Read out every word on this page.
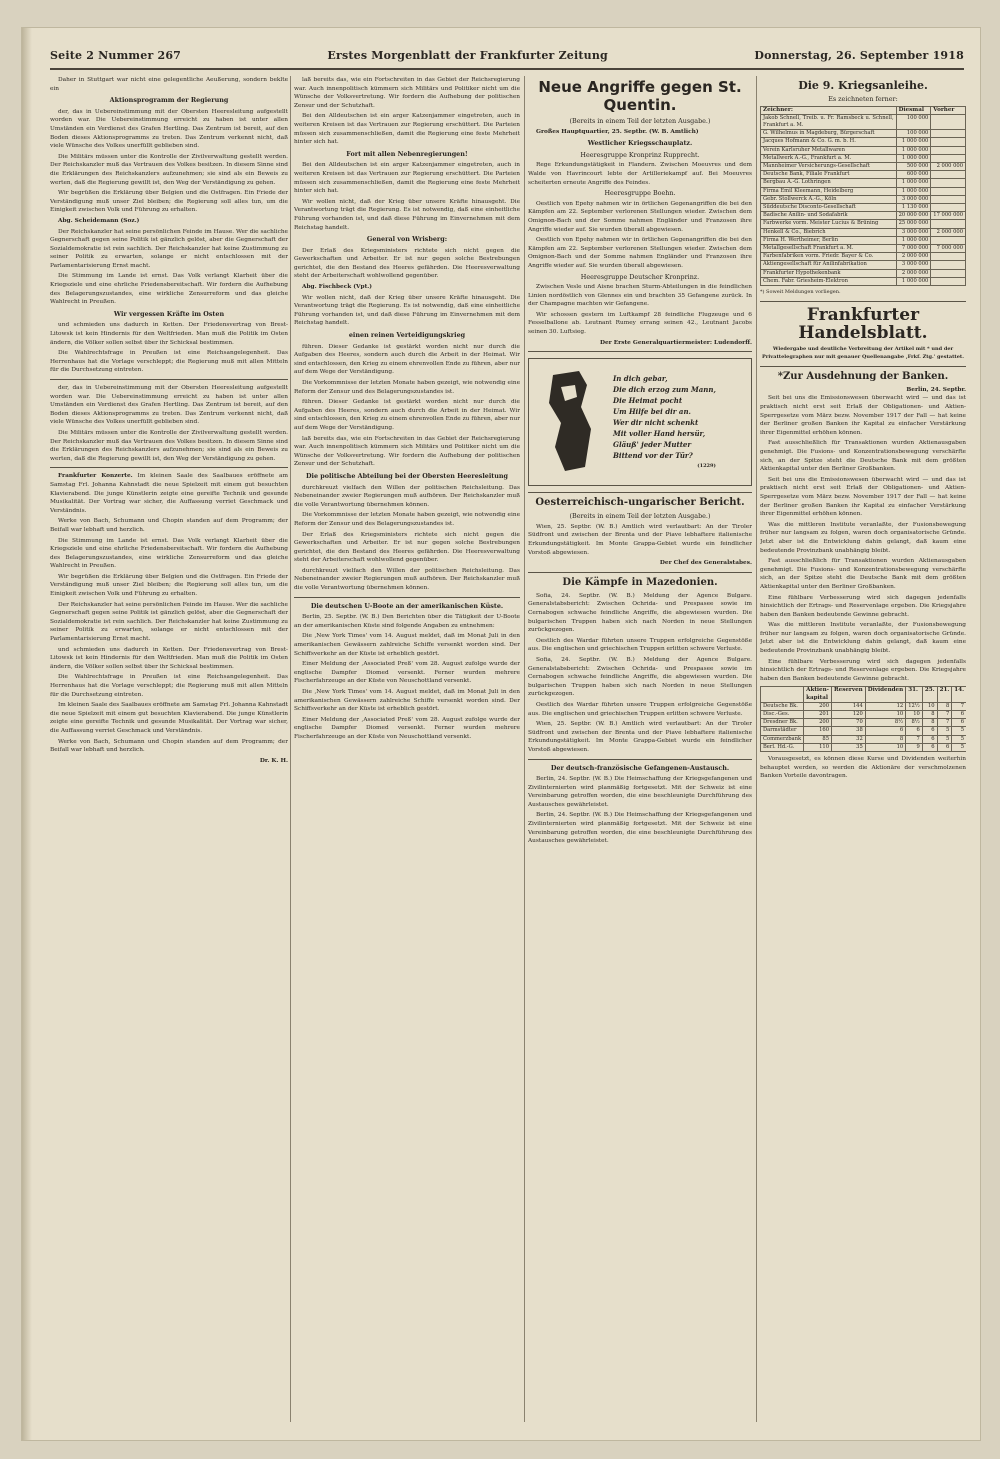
Seite 2 Nummer 267	Erstes Morgenblatt der Frankfurter Zeitung	Donnerstag, 26. September 1918

Daher in Stuttgart war nicht eine gelegentliche Aeußerung, sondern beklte ein

Aktionsprogramm der Regierung

der, das in Uebereinstimmung mit der Obersten Heeresleitung aufgestellt worden war. Die Uebereinstimmung erreicht zu haben ist unter allen Umständen ein Verdienst des Grafen Hertling. Das Zentrum ist bereit, auf den Boden dieses Aktionsprogramms zu treten. Das Zentrum verkennt nicht, daß viele Wünsche des Volkes unerfüllt geblieben sind.

Die Militärs müssen unter die Kontrolle der Zivilverwaltung gestellt werden. Der Reichskanzler muß das Vertrauen des Volkes besitzen. In diesem Sinne sind die Erklärungen des Reichskanzlers aufzunehmen; sie sind als ein Beweis zu werten, daß die Regierung gewillt ist, den Weg der Verständigung zu gehen.

Wir begrüßen die Erklärung über Belgien und die Ostfragen. Ein Friede der Verständigung muß unser Ziel bleiben; die Regierung soll alles tun, um die Einigkeit zwischen Volk und Führung zu erhalten.

Abg. Scheidemann (Soz.)

Der Reichskanzler hat seine persönlichen Feinde im Hause. Wer die sachliche Gegnerschaft gegen seine Politik ist gänzlich gelöst, aber die Gegnerschaft der Sozialdemokratie ist rein sachlich. Der Reichskanzler hat keine Zustimmung zu seiner Politik zu erwarten, solange er nicht entschlossen mit der Parlamentarisierung Ernst macht.

Die Stimmung im Lande ist ernst. Das Volk verlangt Klarheit über die Kriegsziele und eine ehrliche Friedensbereitschaft. Wir fordern die Aufhebung des Belagerungszustandes, eine wirkliche Zensurreform und das gleiche Wahlrecht in Preußen.

Wir vergessen Kräfte im Osten

und schmieden uns dadurch in Ketten. Der Friedensvertrag von Brest-Litowsk ist kein Hindernis für den Weltfrieden. Man muß die Politik im Osten ändern, die Völker sollen selbst über ihr Schicksal bestimmen.

Die Wahlrechtsfrage in Preußen ist eine Reichsangelegenheit. Das Herrenhaus hat die Vorlage verschleppt; die Regierung muß mit allen Mitteln für die Durchsetzung eintreten.

der, das in Uebereinstimmung mit der Obersten Heeresleitung aufgestellt worden war. Die Uebereinstimmung erreicht zu haben ist unter allen Umständen ein Verdienst des Grafen Hertling. Das Zentrum ist bereit, auf den Boden dieses Aktionsprogramms zu treten. Das Zentrum verkennt nicht, daß viele Wünsche des Volkes unerfüllt geblieben sind.

Die Militärs müssen unter die Kontrolle der Zivilverwaltung gestellt werden. Der Reichskanzler muß das Vertrauen des Volkes besitzen. In diesem Sinne sind die Erklärungen des Reichskanzlers aufzunehmen; sie sind als ein Beweis zu werten, daß die Regierung gewillt ist, den Weg der Verständigung zu gehen.

Frankfurter Konzerte. Im kleinen Saale des Saalbaues eröffnete am Samstag Frl. Johanna Kahnstadt die neue Spielzeit mit einem gut besuchten Klavierabend. Die junge Künstlerin zeigte eine gereifte Technik und gesunde Musikalität. Der Vortrag war sicher, die Auffassung verriet Geschmack und Verständnis.

Werke von Bach, Schumann und Chopin standen auf dem Programm; der Beifall war lebhaft und herzlich.

Die Stimmung im Lande ist ernst. Das Volk verlangt Klarheit über die Kriegsziele und eine ehrliche Friedensbereitschaft. Wir fordern die Aufhebung des Belagerungszustandes, eine wirkliche Zensurreform und das gleiche Wahlrecht in Preußen.

Wir begrüßen die Erklärung über Belgien und die Ostfragen. Ein Friede der Verständigung muß unser Ziel bleiben; die Regierung soll alles tun, um die Einigkeit zwischen Volk und Führung zu erhalten.

Der Reichskanzler hat seine persönlichen Feinde im Hause. Wer die sachliche Gegnerschaft gegen seine Politik ist gänzlich gelöst, aber die Gegnerschaft der Sozialdemokratie ist rein sachlich. Der Reichskanzler hat keine Zustimmung zu seiner Politik zu erwarten, solange er nicht entschlossen mit der Parlamentarisierung Ernst macht.

und schmieden uns dadurch in Ketten. Der Friedensvertrag von Brest-Litowsk ist kein Hindernis für den Weltfrieden. Man muß die Politik im Osten ändern, die Völker sollen selbst über ihr Schicksal bestimmen.

Die Wahlrechtsfrage in Preußen ist eine Reichsangelegenheit. Das Herrenhaus hat die Vorlage verschleppt; die Regierung muß mit allen Mitteln für die Durchsetzung eintreten.

Im kleinen Saale des Saalbaues eröffnete am Samstag Frl. Johanna Kahnstadt die neue Spielzeit mit einem gut besuchten Klavierabend. Die junge Künstlerin zeigte eine gereifte Technik und gesunde Musikalität. Der Vortrag war sicher, die Auffassung verriet Geschmack und Verständnis.

Werke von Bach, Schumann und Chopin standen auf dem Programm; der Beifall war lebhaft und herzlich.

Dr. K. H.

laß bereits das, wie ein Fortschreiten in das Gebiet der Reichsregierung war. Auch innenpolitisch kümmern sich Militärs und Politiker nicht um die Wünsche der Volksvertretung. Wir fordern die Aufhebung der politischen Zensur und der Schutzhaft.

Bei den Alldeutschen ist ein arger Katzenjammer eingetreten, auch in weiteren Kreisen ist das Vertrauen zur Regierung erschüttert. Die Parteien müssen sich zusammenschließen, damit die Regierung eine feste Mehrheit hinter sich hat.

Fort mit allen Nebenregierungen!

Bei den Alldeutschen ist ein arger Katzenjammer eingetreten, auch in weiteren Kreisen ist das Vertrauen zur Regierung erschüttert. Die Parteien müssen sich zusammenschließen, damit die Regierung eine feste Mehrheit hinter sich hat.

Wir wollen nicht, daß der Krieg über unsere Kräfte hinausgeht. Die Verantwortung trägt die Regierung. Es ist notwendig, daß eine einheitliche Führung vorhanden ist, und daß diese Führung im Einvernehmen mit dem Reichstag handelt.

General von Wrisberg:

Der Erlaß des Kriegsministers richtete sich nicht gegen die Gewerkschaften und Arbeiter. Er ist nur gegen solche Bestrebungen gerichtet, die den Bestand des Heeres gefährden. Die Heeresverwaltung steht der Arbeiterschaft wohlwollend gegenüber.

Abg. Fischbeck (Vpt.)

Wir wollen nicht, daß der Krieg über unsere Kräfte hinausgeht. Die Verantwortung trägt die Regierung. Es ist notwendig, daß eine einheitliche Führung vorhanden ist, und daß diese Führung im Einvernehmen mit dem Reichstag handelt.

einen reinen Verteidigungskrieg

führen. Dieser Gedanke ist gestärkt worden nicht nur durch die Aufgaben des Heeres, sondern auch durch die Arbeit in der Heimat. Wir sind entschlossen, den Krieg zu einem ehrenvollen Ende zu führen, aber nur auf dem Wege der Verständigung.

Die Vorkommnisse der letzten Monate haben gezeigt, wie notwendig eine Reform der Zensur und des Belagerungszustandes ist.

führen. Dieser Gedanke ist gestärkt worden nicht nur durch die Aufgaben des Heeres, sondern auch durch die Arbeit in der Heimat. Wir sind entschlossen, den Krieg zu einem ehrenvollen Ende zu führen, aber nur auf dem Wege der Verständigung.

laß bereits das, wie ein Fortschreiten in das Gebiet der Reichsregierung war. Auch innenpolitisch kümmern sich Militärs und Politiker nicht um die Wünsche der Volksvertretung. Wir fordern die Aufhebung der politischen Zensur und der Schutzhaft.

Die politische Abteilung bei der Obersten Heeresleitung

durchkreuzt vielfach den Willen der politischen Reichsleitung. Das Nebeneinander zweier Regierungen muß aufhören. Der Reichskanzler muß die volle Verantwortung übernehmen können.

Die Vorkommnisse der letzten Monate haben gezeigt, wie notwendig eine Reform der Zensur und des Belagerungszustandes ist.

Der Erlaß des Kriegsministers richtete sich nicht gegen die Gewerkschaften und Arbeiter. Er ist nur gegen solche Bestrebungen gerichtet, die den Bestand des Heeres gefährden. Die Heeresverwaltung steht der Arbeiterschaft wohlwollend gegenüber.

durchkreuzt vielfach den Willen der politischen Reichsleitung. Das Nebeneinander zweier Regierungen muß aufhören. Der Reichskanzler muß die volle Verantwortung übernehmen können.

Die deutschen U-Boote an der amerikanischen Küste.

Berlin, 25. Septbr. (W. B.) Den Berichten über die Tätigkeit der U-Boote an der amerikanischen Küste sind folgende Angaben zu entnehmen:

Die ,New York Times' vom 14. August meldet, daß im Monat Juli in den amerikanischen Gewässern zahlreiche Schiffe versenkt worden sind. Der Schiffsverkehr an der Küste ist erheblich gestört.

Einer Meldung der ,Associated Preß' vom 28. August zufolge wurde der englische Dampfer Diomed versenkt. Ferner wurden mehrere Fischerfahrzeuge an der Küste von Neuschottland versenkt.

Die ,New York Times' vom 14. August meldet, daß im Monat Juli in den amerikanischen Gewässern zahlreiche Schiffe versenkt worden sind. Der Schiffsverkehr an der Küste ist erheblich gestört.

Einer Meldung der ,Associated Preß' vom 28. August zufolge wurde der englische Dampfer Diomed versenkt. Ferner wurden mehrere Fischerfahrzeuge an der Küste von Neuschottland versenkt.

Neue Angriffe gegen St. Quentin.
(Bereits in einem Teil der letzten Ausgabe.)

Großes Hauptquartier, 25. Septbr. (W. B. Amtlich)

Westlicher Kriegsschauplatz.
Heeresgruppe Kronprinz Rupprecht.

Rege Erkundungstätigkeit in Flandern. Zwischen Moeuvres und dem Walde von Havrincourt lebte der Artilleriekampf auf. Bei Moeuvres scheiterten erneute Angriffe des Feindes.

Heeresgruppe Boehn.

Oestlich von Epehy nahmen wir in örtlichen Gegenangriffen die bei den Kämpfen am 22. September verlorenen Stellungen wieder. Zwischen dem Omignon-Bach und der Somme nahmen Engländer und Franzosen ihre Angriffe wieder auf. Sie wurden überall abgewiesen.

Oestlich von Epehy nahmen wir in örtlichen Gegenangriffen die bei den Kämpfen am 22. September verlorenen Stellungen wieder. Zwischen dem Omignon-Bach und der Somme nahmen Engländer und Franzosen ihre Angriffe wieder auf. Sie wurden überall abgewiesen.

Heeresgruppe Deutscher Kronprinz.

Zwischen Vesle und Aisne brachen Sturm-Abteilungen in die feindlichen Linien nordöstlich von Glennes ein und brachten 35 Gefangene zurück. In der Champagne machten wir Gefangene.

Wir schossen gestern im Luftkampf 28 feindliche Flugzeuge und 6 Fesselballone ab. Leutnant Rumey errang seinen 42., Leutnant Jacobs seinen 30. Luftsieg.

Der Erste Generalquartiermeister: Ludendorff.
In dich gebar,
Die dich erzog zum Mann,
Die Heimat pocht
Um Hilfe bei dir an.
Wer dir nicht schenkt
Mit voller Hand hersür,
Gläuß' jeder Mutter
Bittend vor der Tür?
(1229)
Oesterreichisch-ungarischer Bericht.
(Bereits in einem Teil der letzten Ausgabe.)

Wien, 25. Septbr. (W. B.) Amtlich wird verlautbart: An der Tiroler Südfront und zwischen der Brenta und der Piave lebhaftere italienische Erkundungstätigkeit. Im Monte Grappa-Gebiet wurde ein feindlicher Vorstoß abgewiesen.

Der Chef des Generalstabes.
Die Kämpfe in Mazedonien.

Sofia, 24. Septbr. (W. B.) Meldung der Agence Bulgare. Generalstabsbericht: Zwischen Ochrida- und Prespasee sowie im Cernabogen schwache feindliche Angriffe, die abgewiesen wurden. Die bulgarischen Truppen haben sich nach Norden in neue Stellungen zurückgezogen.

Oestlich des Wardar führten unsere Truppen erfolgreiche Gegenstöße aus. Die englischen und griechischen Truppen erlitten schwere Verluste.

Sofia, 24. Septbr. (W. B.) Meldung der Agence Bulgare. Generalstabsbericht: Zwischen Ochrida- und Prespasee sowie im Cernabogen schwache feindliche Angriffe, die abgewiesen wurden. Die bulgarischen Truppen haben sich nach Norden in neue Stellungen zurückgezogen.

Oestlich des Wardar führten unsere Truppen erfolgreiche Gegenstöße aus. Die englischen und griechischen Truppen erlitten schwere Verluste.

Wien, 25. Septbr. (W. B.) Amtlich wird verlautbart: An der Tiroler Südfront und zwischen der Brenta und der Piave lebhaftere italienische Erkundungstätigkeit. Im Monte Grappa-Gebiet wurde ein feindlicher Vorstoß abgewiesen.

Der deutsch-französische Gefangenen-Austausch.

Berlin, 24. Septbr. (W. B.) Die Heimschaffung der Kriegsgefangenen und Zivilinternierten wird planmäßig fortgesetzt. Mit der Schweiz ist eine Vereinbarung getroffen worden, die eine beschleunigte Durchführung des Austausches gewährleistet.

Berlin, 24. Septbr. (W. B.) Die Heimschaffung der Kriegsgefangenen und Zivilinternierten wird planmäßig fortgesetzt. Mit der Schweiz ist eine Vereinbarung getroffen worden, die eine beschleunigte Durchführung des Austausches gewährleistet.

Die 9. Kriegsanleihe.
Es zeichneten ferner:
Zeichner:	Diesmal	Vorher
Jakob Schnell, Treib. u. Fr. Ramsbeck u. Schnell, Frankfurt a. M.	100 000	
G. Wilhelmus in Magdeburg, Bürgerschaft	100 000	
Jacques Hofmann & Co. G. m. b. H.	1 000 000	
Verein Karlsruher Metallwaren	1 000 000	
Metallwerk A.-G., Frankfurt a. M.	1 000 000	
Mannheimer Versicherungs-Gesellschaft	500 000	2 000 000
Deutsche Bank, Filiale Frankfurt	600 000	
Bergbau A.-G. Lothringen	1 000 000	
Firma Emil Kleemann, Heidelberg	1 000 000	
Gebr. Stollwerck A.-G., Köln	3 000 000	
Süddeutsche Disconto-Gesellschaft	1 130 000	
Badische Anilin- und Sodafabrik	20 000 000	17 000 000
Farbwerke vorm. Meister Lucius & Brüning	25 000 000	
Henkell & Co., Biebrich	3 000 000	2 000 000
Firma H. Wertheimer, Berlin	1 000 000	
Metallgesellschaft Frankfurt a. M.	7 000 000	7 000 000
Farbenfabriken vorm. Friedr. Bayer & Co.	2 000 000	
Aktiengesellschaft für Anilinfabrikation	3 000 000	
Frankfurter Hypothekenbank	2 000 000	
Chem. Fabr. Griesheim-Elektron	1 000 000	
*) Soweit Meldungen vorliegen.
Frankfurter Handelsblatt.
Wiedergabe und deutliche Verbreitung der Artikel mit * und der Privattelegraphen nur mit genauer Quellenangabe ,Frkf. Ztg.' gestattet.
*Zur Ausdehnung der Banken.
Berlin, 24. Septbr.

Seit bei uns die Emissionswesen überwacht wird — und das ist praktisch nicht erst seit Erlaß der Obligationen- und Aktien-Sperrgesetze vom März bezw. November 1917 der Fall — hat keine der Berliner großen Banken ihr Kapital zu einfacher Verstärkung ihrer Eigenmittel erhöhen können.

Fast ausschließlich für Transaktionen wurden Aktienausgaben genehmigt. Die Fusions- und Konzentrationsbewegung verschärfte sich, an der Spitze steht die Deutsche Bank mit dem größten Aktienkapital unter den Berliner Großbanken.

Seit bei uns die Emissionswesen überwacht wird — und das ist praktisch nicht erst seit Erlaß der Obligationen- und Aktien-Sperrgesetze vom März bezw. November 1917 der Fall — hat keine der Berliner großen Banken ihr Kapital zu einfacher Verstärkung ihrer Eigenmittel erhöhen können.

Was die mittleren Institute veranlaßte, der Fusionsbewegung früher nur langsam zu folgen, waren doch organisatorische Gründe. Jetzt aber ist die Entwicklung dahin gelangt, daß kaum eine bedeutende Provinzbank unabhängig bleibt.

Fast ausschließlich für Transaktionen wurden Aktienausgaben genehmigt. Die Fusions- und Konzentrationsbewegung verschärfte sich, an der Spitze steht die Deutsche Bank mit dem größten Aktienkapital unter den Berliner Großbanken.

Eine fühlbare Verbesserung wird sich dagegen jedenfalls hinsichtlich der Ertrags- und Reservenlage ergeben. Die Kriegsjahre haben den Banken bedeutende Gewinne gebracht.

Was die mittleren Institute veranlaßte, der Fusionsbewegung früher nur langsam zu folgen, waren doch organisatorische Gründe. Jetzt aber ist die Entwicklung dahin gelangt, daß kaum eine bedeutende Provinzbank unabhängig bleibt.

Eine fühlbare Verbesserung wird sich dagegen jedenfalls hinsichtlich der Ertrags- und Reservenlage ergeben. Die Kriegsjahre haben den Banken bedeutende Gewinne gebracht.

	Aktien-kapital	Reserven	Dividenden	31.	25.	21.	14.
Deutsche Bk.	200	144	12	12½	10	8	7
Disc.-Ges.	201	120	10	10	8	7	6
Dresdner Bk.	200	70	8½	8½	8	7	6
Darmstädter	160	38	6	6	6	5	5
Commerzbank	85	32	8	7	6	5	5
Berl. Hd.-G.	110	35	10	9	6	6	5

Vorausgesetzt, es können diese Kurse und Dividenden weiterhin behauptet werden, so werden die Aktionäre der verschmolzenen Banken Vorteile davontragen.
